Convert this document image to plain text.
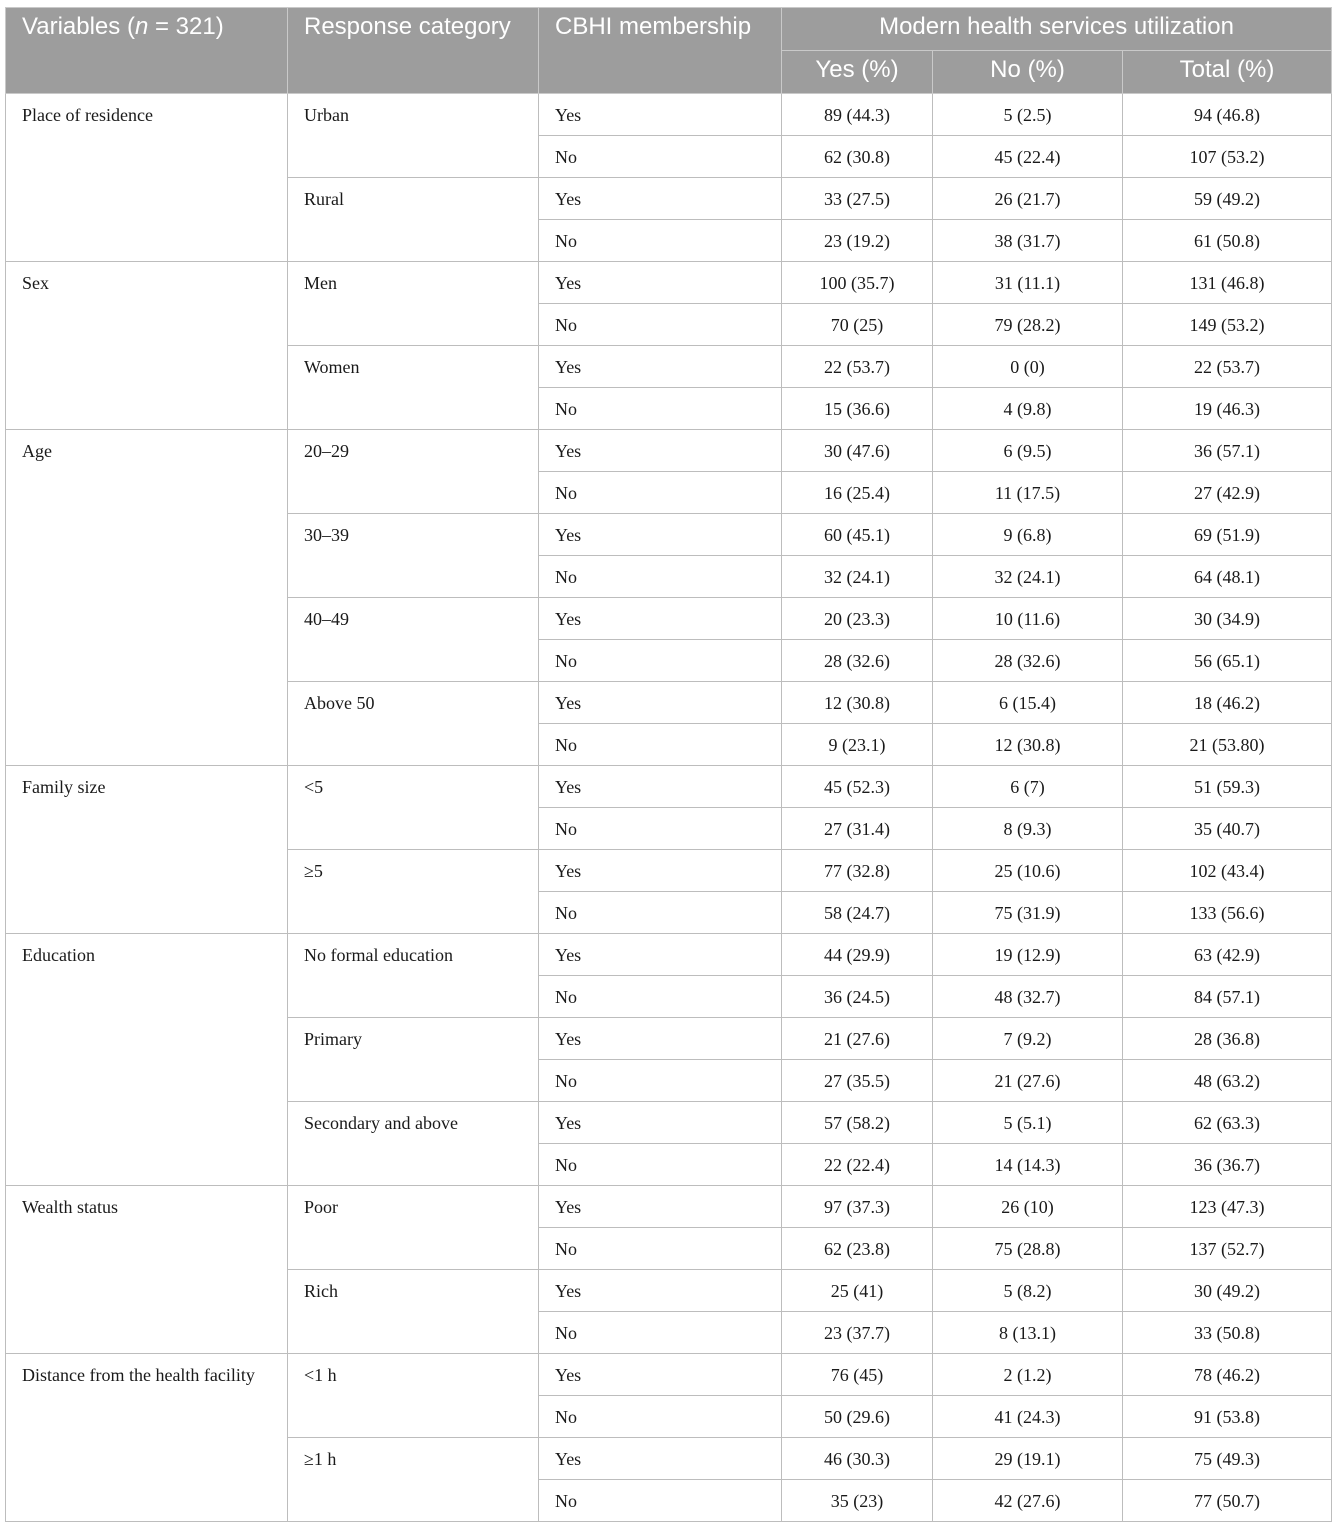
Variables (n = 321)	Response category	CBHI membership	Modern health services utilization		
			Yes (%)	No (%)	Total (%)
Place of residence	Urban	Yes	89 (44.3)	5 (2.5)	94 (46.8)
		No	62 (30.8)	45 (22.4)	107 (53.2)
	Rural	Yes	33 (27.5)	26 (21.7)	59 (49.2)
		No	23 (19.2)	38 (31.7)	61 (50.8)
Sex	Men	Yes	100 (35.7)	31 (11.1)	131 (46.8)
		No	70 (25)	79 (28.2)	149 (53.2)
	Women	Yes	22 (53.7)	0 (0)	22 (53.7)
		No	15 (36.6)	4 (9.8)	19 (46.3)
Age	20–29	Yes	30 (47.6)	6 (9.5)	36 (57.1)
		No	16 (25.4)	11 (17.5)	27 (42.9)
	30–39	Yes	60 (45.1)	9 (6.8)	69 (51.9)
		No	32 (24.1)	32 (24.1)	64 (48.1)
	40–49	Yes	20 (23.3)	10 (11.6)	30 (34.9)
		No	28 (32.6)	28 (32.6)	56 (65.1)
	Above 50	Yes	12 (30.8)	6 (15.4)	18 (46.2)
		No	9 (23.1)	12 (30.8)	21 (53.80)
Family size	<5	Yes	45 (52.3)	6 (7)	51 (59.3)
		No	27 (31.4)	8 (9.3)	35 (40.7)
	≥5	Yes	77 (32.8)	25 (10.6)	102 (43.4)
		No	58 (24.7)	75 (31.9)	133 (56.6)
Education	No formal education	Yes	44 (29.9)	19 (12.9)	63 (42.9)
		No	36 (24.5)	48 (32.7)	84 (57.1)
	Primary	Yes	21 (27.6)	7 (9.2)	28 (36.8)
		No	27 (35.5)	21 (27.6)	48 (63.2)
	Secondary and above	Yes	57 (58.2)	5 (5.1)	62 (63.3)
		No	22 (22.4)	14 (14.3)	36 (36.7)
Wealth status	Poor	Yes	97 (37.3)	26 (10)	123 (47.3)
		No	62 (23.8)	75 (28.8)	137 (52.7)
	Rich	Yes	25 (41)	5 (8.2)	30 (49.2)
		No	23 (37.7)	8 (13.1)	33 (50.8)
Distance from the health facility	<1 h	Yes	76 (45)	2 (1.2)	78 (46.2)
		No	50 (29.6)	41 (24.3)	91 (53.8)
	≥1 h	Yes	46 (30.3)	29 (19.1)	75 (49.3)
		No	35 (23)	42 (27.6)	77 (50.7)
